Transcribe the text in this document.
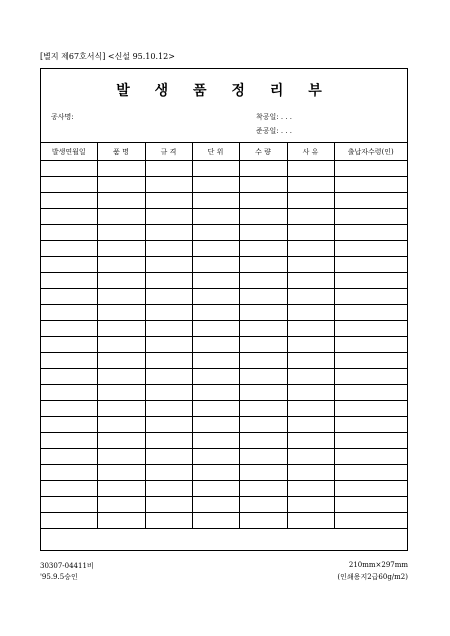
[별지 제67호서식] <신설 95.10.12>
발 생 품 정 리 부
공사명:	착공일: . . .
준공일: . . .
발생연월일	품 명	규 격	단 위	수 량	사 유	출납자수령(인)

30307-04411비
'95.9.5승인
210mm×297mm
(인쇄용지2급60g/m2)
